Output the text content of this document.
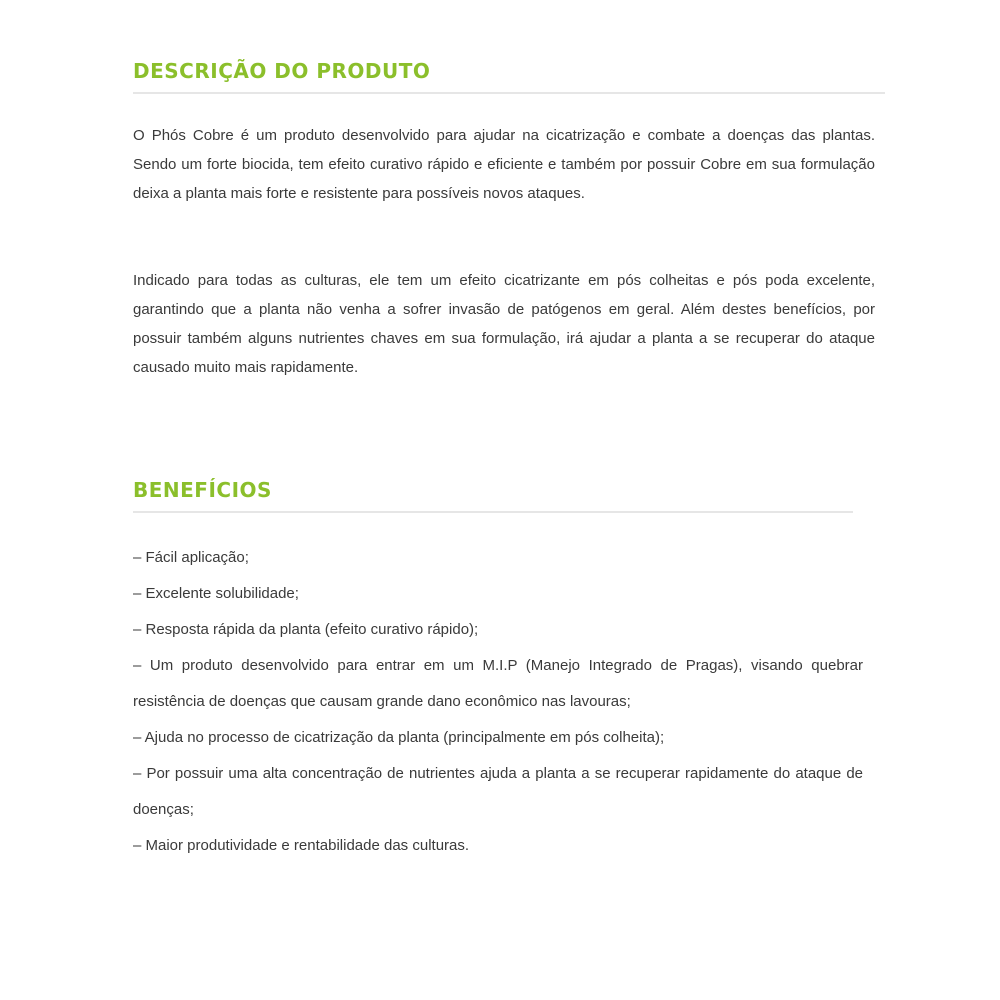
DESCRIÇÃO DO PRODUTO

O Phós Cobre é um produto desenvolvido para ajudar na cicatrização e combate a doenças das plantas. Sendo um forte biocida, tem efeito curativo rápido e eficiente e também por possuir Cobre em sua formulação deixa a planta mais forte e resistente para possíveis novos ataques.

Indicado para todas as culturas, ele tem um efeito cicatrizante em pós colheitas e pós poda excelente, garantindo que a planta não venha a sofrer invasão de patógenos em geral. Além destes benefícios, por possuir também alguns nutrientes chaves em sua formulação, irá ajudar a planta a se recuperar do ataque causado muito mais rapidamente.

BENEFÍCIOS
– Fácil aplicação;
– Excelente solubilidade;
– Resposta rápida da planta (efeito curativo rápido);
– Um produto desenvolvido para entrar em um M.I.P (Manejo Integrado de Pragas), visando quebrar resistência de doenças que causam grande dano econômico nas lavouras;
– Ajuda no processo de cicatrização da planta (principalmente em pós colheita);
– Por possuir uma alta concentração de nutrientes ajuda a planta a se recuperar rapidamente do ataque de doenças;
– Maior produtividade e rentabilidade das culturas.
